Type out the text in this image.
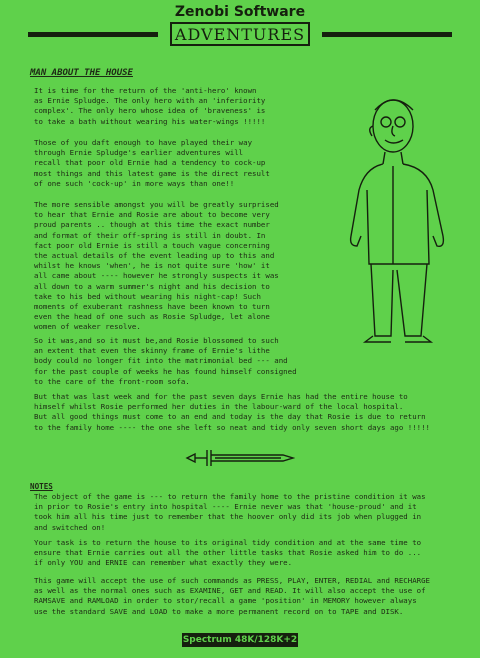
Zenobi Software
ADVENTURES
MAN ABOUT THE HOUSE
It is time for the return of the 'anti-hero' known
as Ernie Spludge. The only hero with an 'inferiority
complex'. The only hero whose idea of 'braveness' is
to take a bath without wearing his water-wings !!!!!
Those of you daft enough to have played their way
through Ernie Spludge's earlier adventures will
recall that poor old Ernie had a tendency to cock-up
most things and this latest game is the direct result
of one such 'cock-up' in more ways than one!!
The more sensible amongst you will be greatly surprised
to hear that Ernie and Rosie are about to become very
proud parents .. though at this time the exact number
and format of their off-spring is still in doubt. In
fact poor old Ernie is still a touch vague concerning
the actual details of the event leading up to this and
whilst he knows 'when', he is not quite sure 'how' it
all came about ---- however he strongly suspects it was
all down to a warm summer's night and his decision to
take to his bed without wearing his night-cap! Such
moments of exuberant rashness have been known to turn
even the head of one such as Rosie Spludge, let alone
women of weaker resolve.
So it was,and so it must be,and Rosie blossomed to such
an extent that even the skinny frame of Ernie's lithe
body could no longer fit into the matrimonial bed --- and
for the past couple of weeks he has found himself consigned
to the care of the front-room sofa.
But that was last week and for the past seven days Ernie has had the entire house to
himself whilst Rosie performed her duties in the labour-ward of the local hospital.
But all good things must come to an end and today is the day that Rosie is due to return
to the family home ---- the one she left so neat and tidy only seven short days ago !!!!!
NOTES
The object of the game is --- to return the family home to the pristine condition it was
in prior to Rosie's entry into hospital ---- Ernie never was that 'house-proud' and it
took him all his time just to remember that the hoover only did its job when plugged in
and switched on!
Your task is to return the house to its original tidy condition and at the same time to
ensure that Ernie carries out all the other little tasks that Rosie asked him to do ...
if only YOU and ERNIE can remember what exactly they were.
This game will accept the use of such commands as PRESS, PLAY, ENTER, REDIAL and RECHARGE
as well as the normal ones such as EXAMINE, GET and READ. It will also accept the use of
RAMSAVE and RAMLOAD in order to stor/recall a game 'position' in MEMORY however always
use the standard SAVE and LOAD to make a more permanent record on to TAPE and DISK.
Spectrum 48K/128K+2
